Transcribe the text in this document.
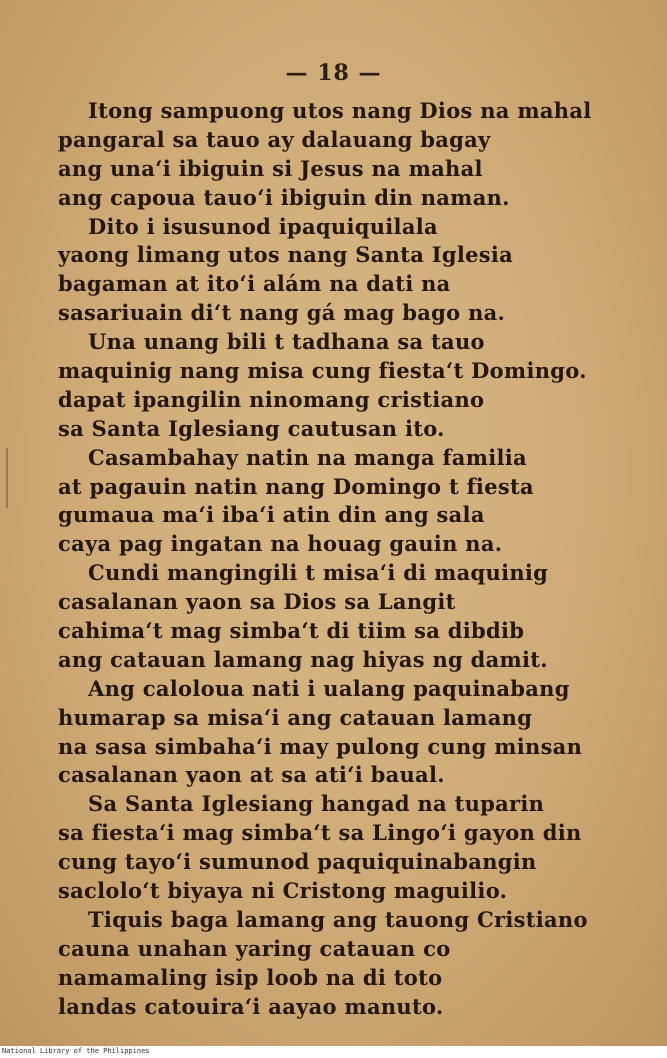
— 18 —
Itong sampuong utos nang Dios na mahal
pangaral sa tauo ay dalauang bagay
ang una‘i ibiguin si Jesus na mahal
ang capoua tauo‘i ibiguin din naman.
Dito i isusunod ipaquiquilala
yaong limang utos nang Santa Iglesia
bagaman at ito‘i alám na dati na
sasariuain di‘t nang gá mag bago na.
Una unang bili t tadhana sa tauo
maquinig nang misa cung fiesta‘t Domingo.
dapat ipangilin ninomang cristiano
sa Santa Iglesiang cautusan ito.
Casambahay natin na manga familia
at pagauin natin nang Domingo t fiesta
gumaua ma‘i iba‘i atin din ang sala
caya pag ingatan na houag gauin na.
Cundi mangingili t misa‘i di maquinig
casalanan yaon sa Dios sa Langit
cahima‘t mag simba‘t di tiim sa dibdib
ang catauan lamang nag hiyas ng damit.
Ang caloloua nati i ualang paquinabang
humarap sa misa‘i ang catauan lamang
na sasa simbaha‘i may pulong cung minsan
casalanan yaon at sa ati‘i baual.
Sa Santa Iglesiang hangad na tuparin
sa fiesta‘i mag simba‘t sa Lingo‘i gayon din
cung tayo‘i sumunod paquiquinabangin
saclolo‘t biyaya ni Cristong maguilio.
Tiquis baga lamang ang tauong Cristiano
cauna unahan yaring catauan co
namamaling isip loob na di toto
landas catouira‘i aayao manuto.
National Library of the Philippines
